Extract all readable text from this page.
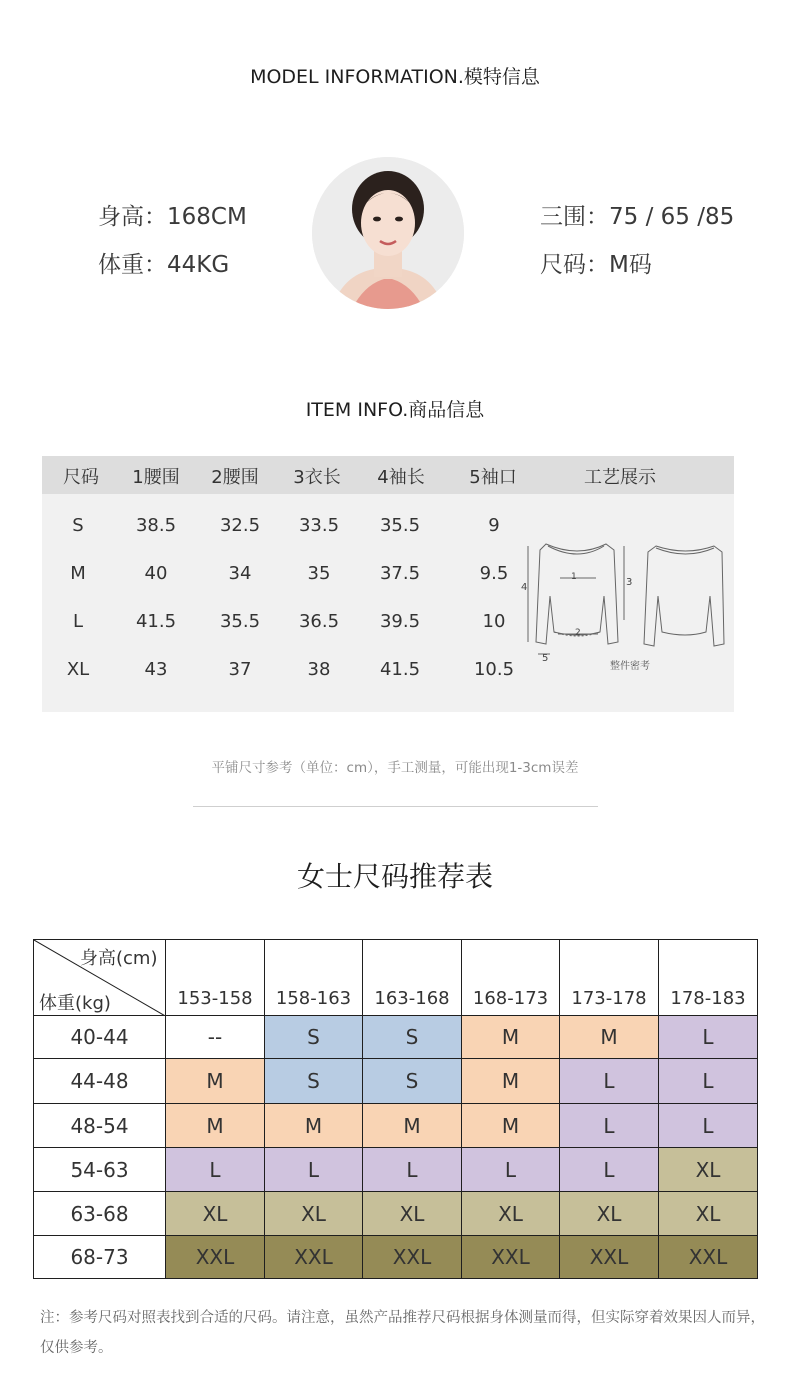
MODEL INFORMATION.模特信息
身高：168CM
体重：44KG
三围：75 / 65 /85
尺码：M码
ITEM INFO.商品信息
尺码	1腰围	2腰围	3衣长	4袖长	5袖口	工艺展示
S	38.5	32.5	33.5	35.5	9
M	40	34	35	37.5	9.5
L	41.5	35.5	36.5	39.5	10
XL	43	37	38	41.5	10.5
1
2
3
4
5
整件密考
平铺尺寸参考（单位：cm），手工测量，可能出现1-3cm误差
女士尺码推荐表
身高(cm)
体重(kg)	153-158	158-163	163-168	168-173	173-178	178-183
40-44	--	S	S	M	M	L
44-48	M	S	S	M	L	L
48-54	M	M	M	M	L	L
54-63	L	L	L	L	L	XL
63-68	XL	XL	XL	XL	XL	XL
68-73	XXL	XXL	XXL	XXL	XXL	XXL
注：参考尺码对照表找到合适的尺码。请注意，虽然产品推荐尺码根据身体测量而得，但实际穿着效果因人而异，仅供参考。
